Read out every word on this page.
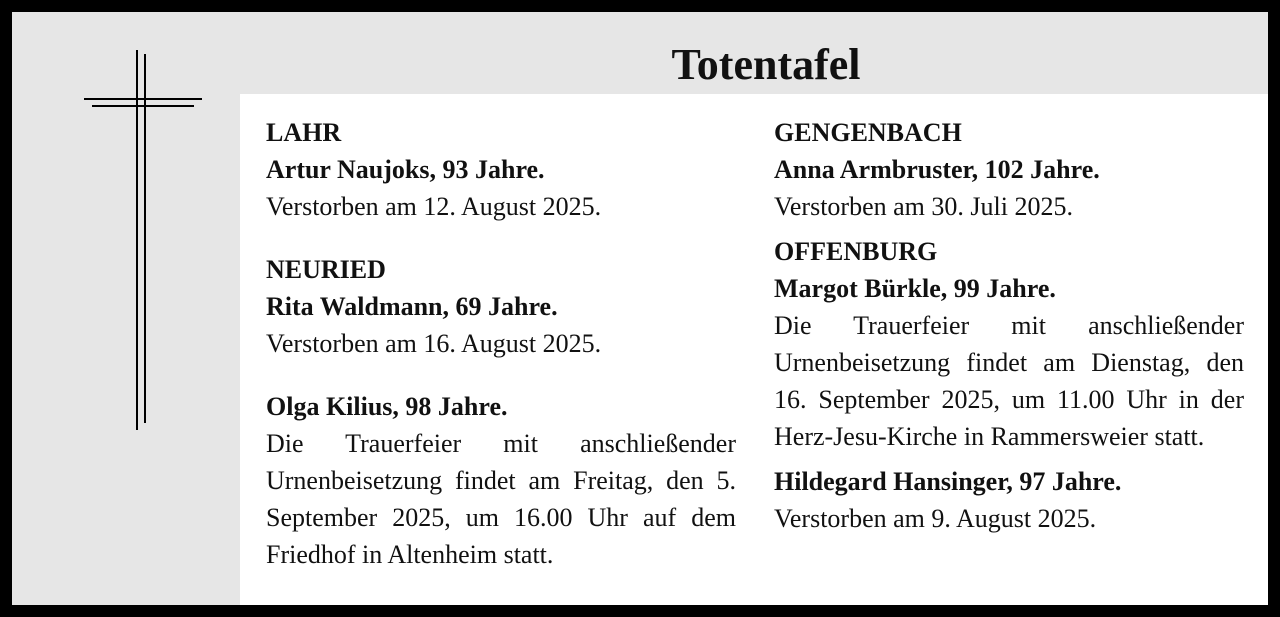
Totentafel

LAHR

Artur Naujoks, 93 Jahre.

Verstorben am 12. August 2025.

NEURIED

Rita Waldmann, 69 Jahre.

Verstorben am 16. August 2025.

Olga Kilius, 98 Jahre.

Die Trauerfeier mit anschließender Urnenbeisetzung findet am Freitag, den 5. September 2025, um 16.00 Uhr auf dem Friedhof in Altenheim statt.

GENGENBACH

Anna Armbruster, 102 Jahre.

Verstorben am 30. Juli 2025.

OFFENBURG

Margot Bürkle, 99 Jahre.

Die Trauerfeier mit anschließender Urnenbeisetzung findet am Dienstag, den 16. September 2025, um 11.00 Uhr in der Herz-Jesu-Kirche in Rammersweier statt.

Hildegard Hansinger, 97 Jahre.

Verstorben am 9. August 2025.
